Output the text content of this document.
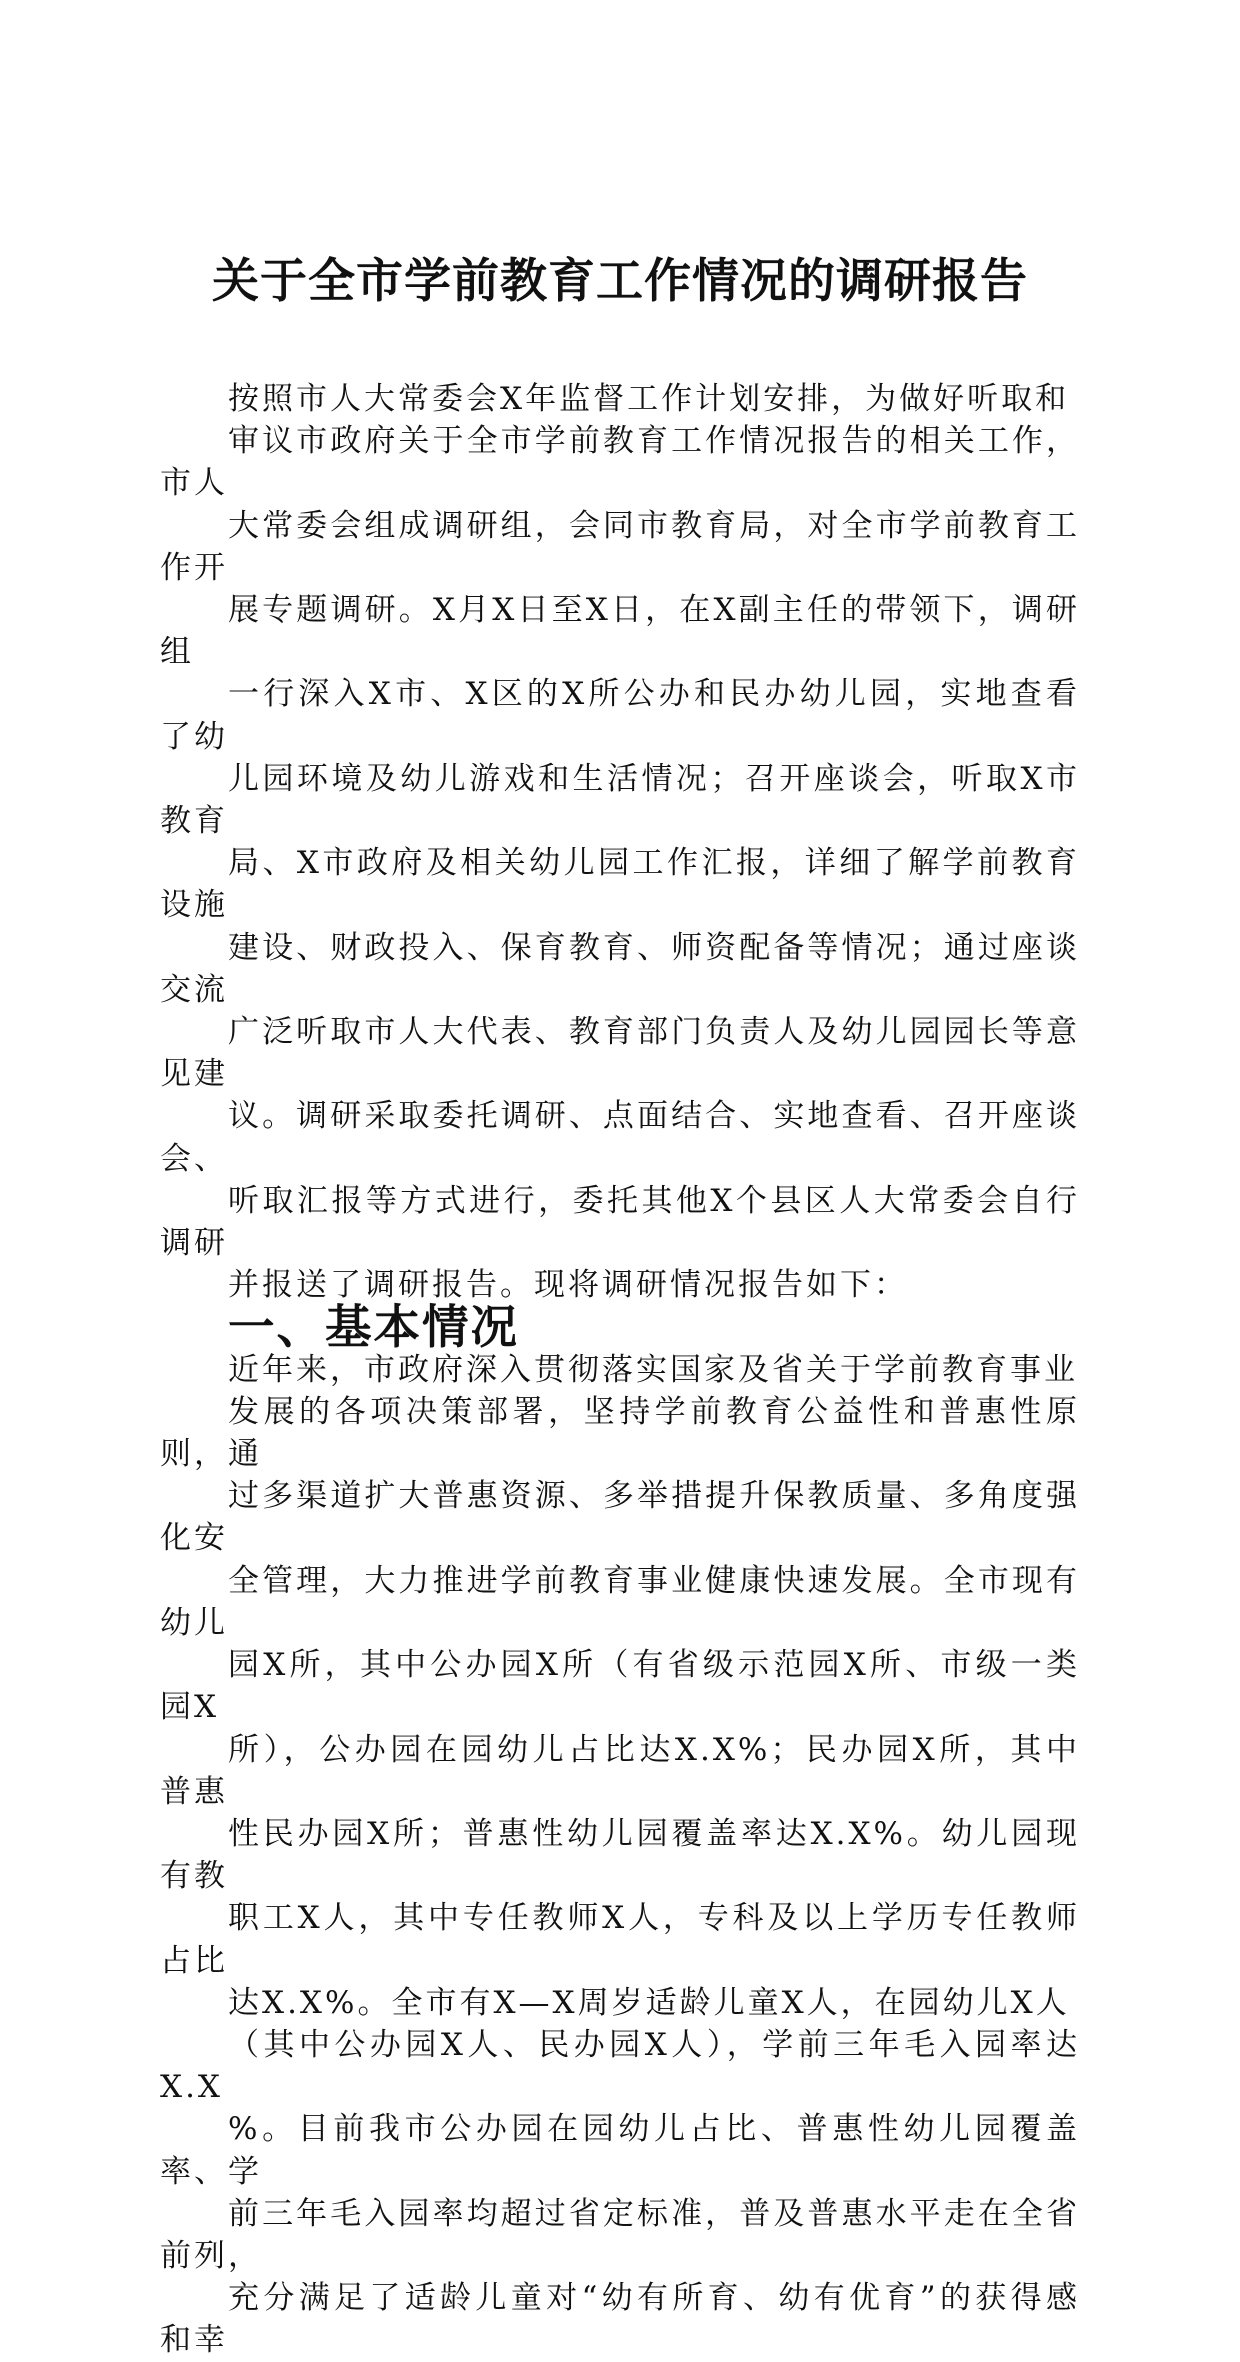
关于全市学前教育工作情况的调研报告

按照市人大常委会X年监督工作计划安排，为做好听取和
审议市政府关于全市学前教育工作情况报告的相关工作，市人
大常委会组成调研组，会同市教育局，对全市学前教育工作开
展专题调研。X月X日至X日，在X副主任的带领下，调研组
一行深入X市、X区的X所公办和民办幼儿园，实地查看了幼
儿园环境及幼儿游戏和生活情况；召开座谈会，听取X市教育
局、X市政府及相关幼儿园工作汇报，详细了解学前教育设施
建设、财政投入、保育教育、师资配备等情况；通过座谈交流
广泛听取市人大代表、教育部门负责人及幼儿园园长等意见建
议。调研采取委托调研、点面结合、实地查看、召开座谈会、
听取汇报等方式进行，委托其他X个县区人大常委会自行调研
并报送了调研报告。现将调研情况报告如下：

一、基本情况

近年来，市政府深入贯彻落实国家及省关于学前教育事业
发展的各项决策部署，坚持学前教育公益性和普惠性原则，通
过多渠道扩大普惠资源、多举措提升保教质量、多角度强化安
全管理，大力推进学前教育事业健康快速发展。全市现有幼儿
园X所，其中公办园X所（有省级示范园X所、市级一类园X
所），公办园在园幼儿占比达X.X%；民办园X所，其中普惠
性民办园X所；普惠性幼儿园覆盖率达X.X%。幼儿园现有教
职工X人，其中专任教师X人，专科及以上学历专任教师占比
达X.X%。全市有X—X周岁适龄儿童X人，在园幼儿X人
（其中公办园X人、民办园X人），学前三年毛入园率达X.X
%。目前我市公办园在园幼儿占比、普惠性幼儿园覆盖率、学
前三年毛入园率均超过省定标准，普及普惠水平走在全省前列，
充分满足了适龄儿童对“幼有所育、幼有优育”的获得感和幸
